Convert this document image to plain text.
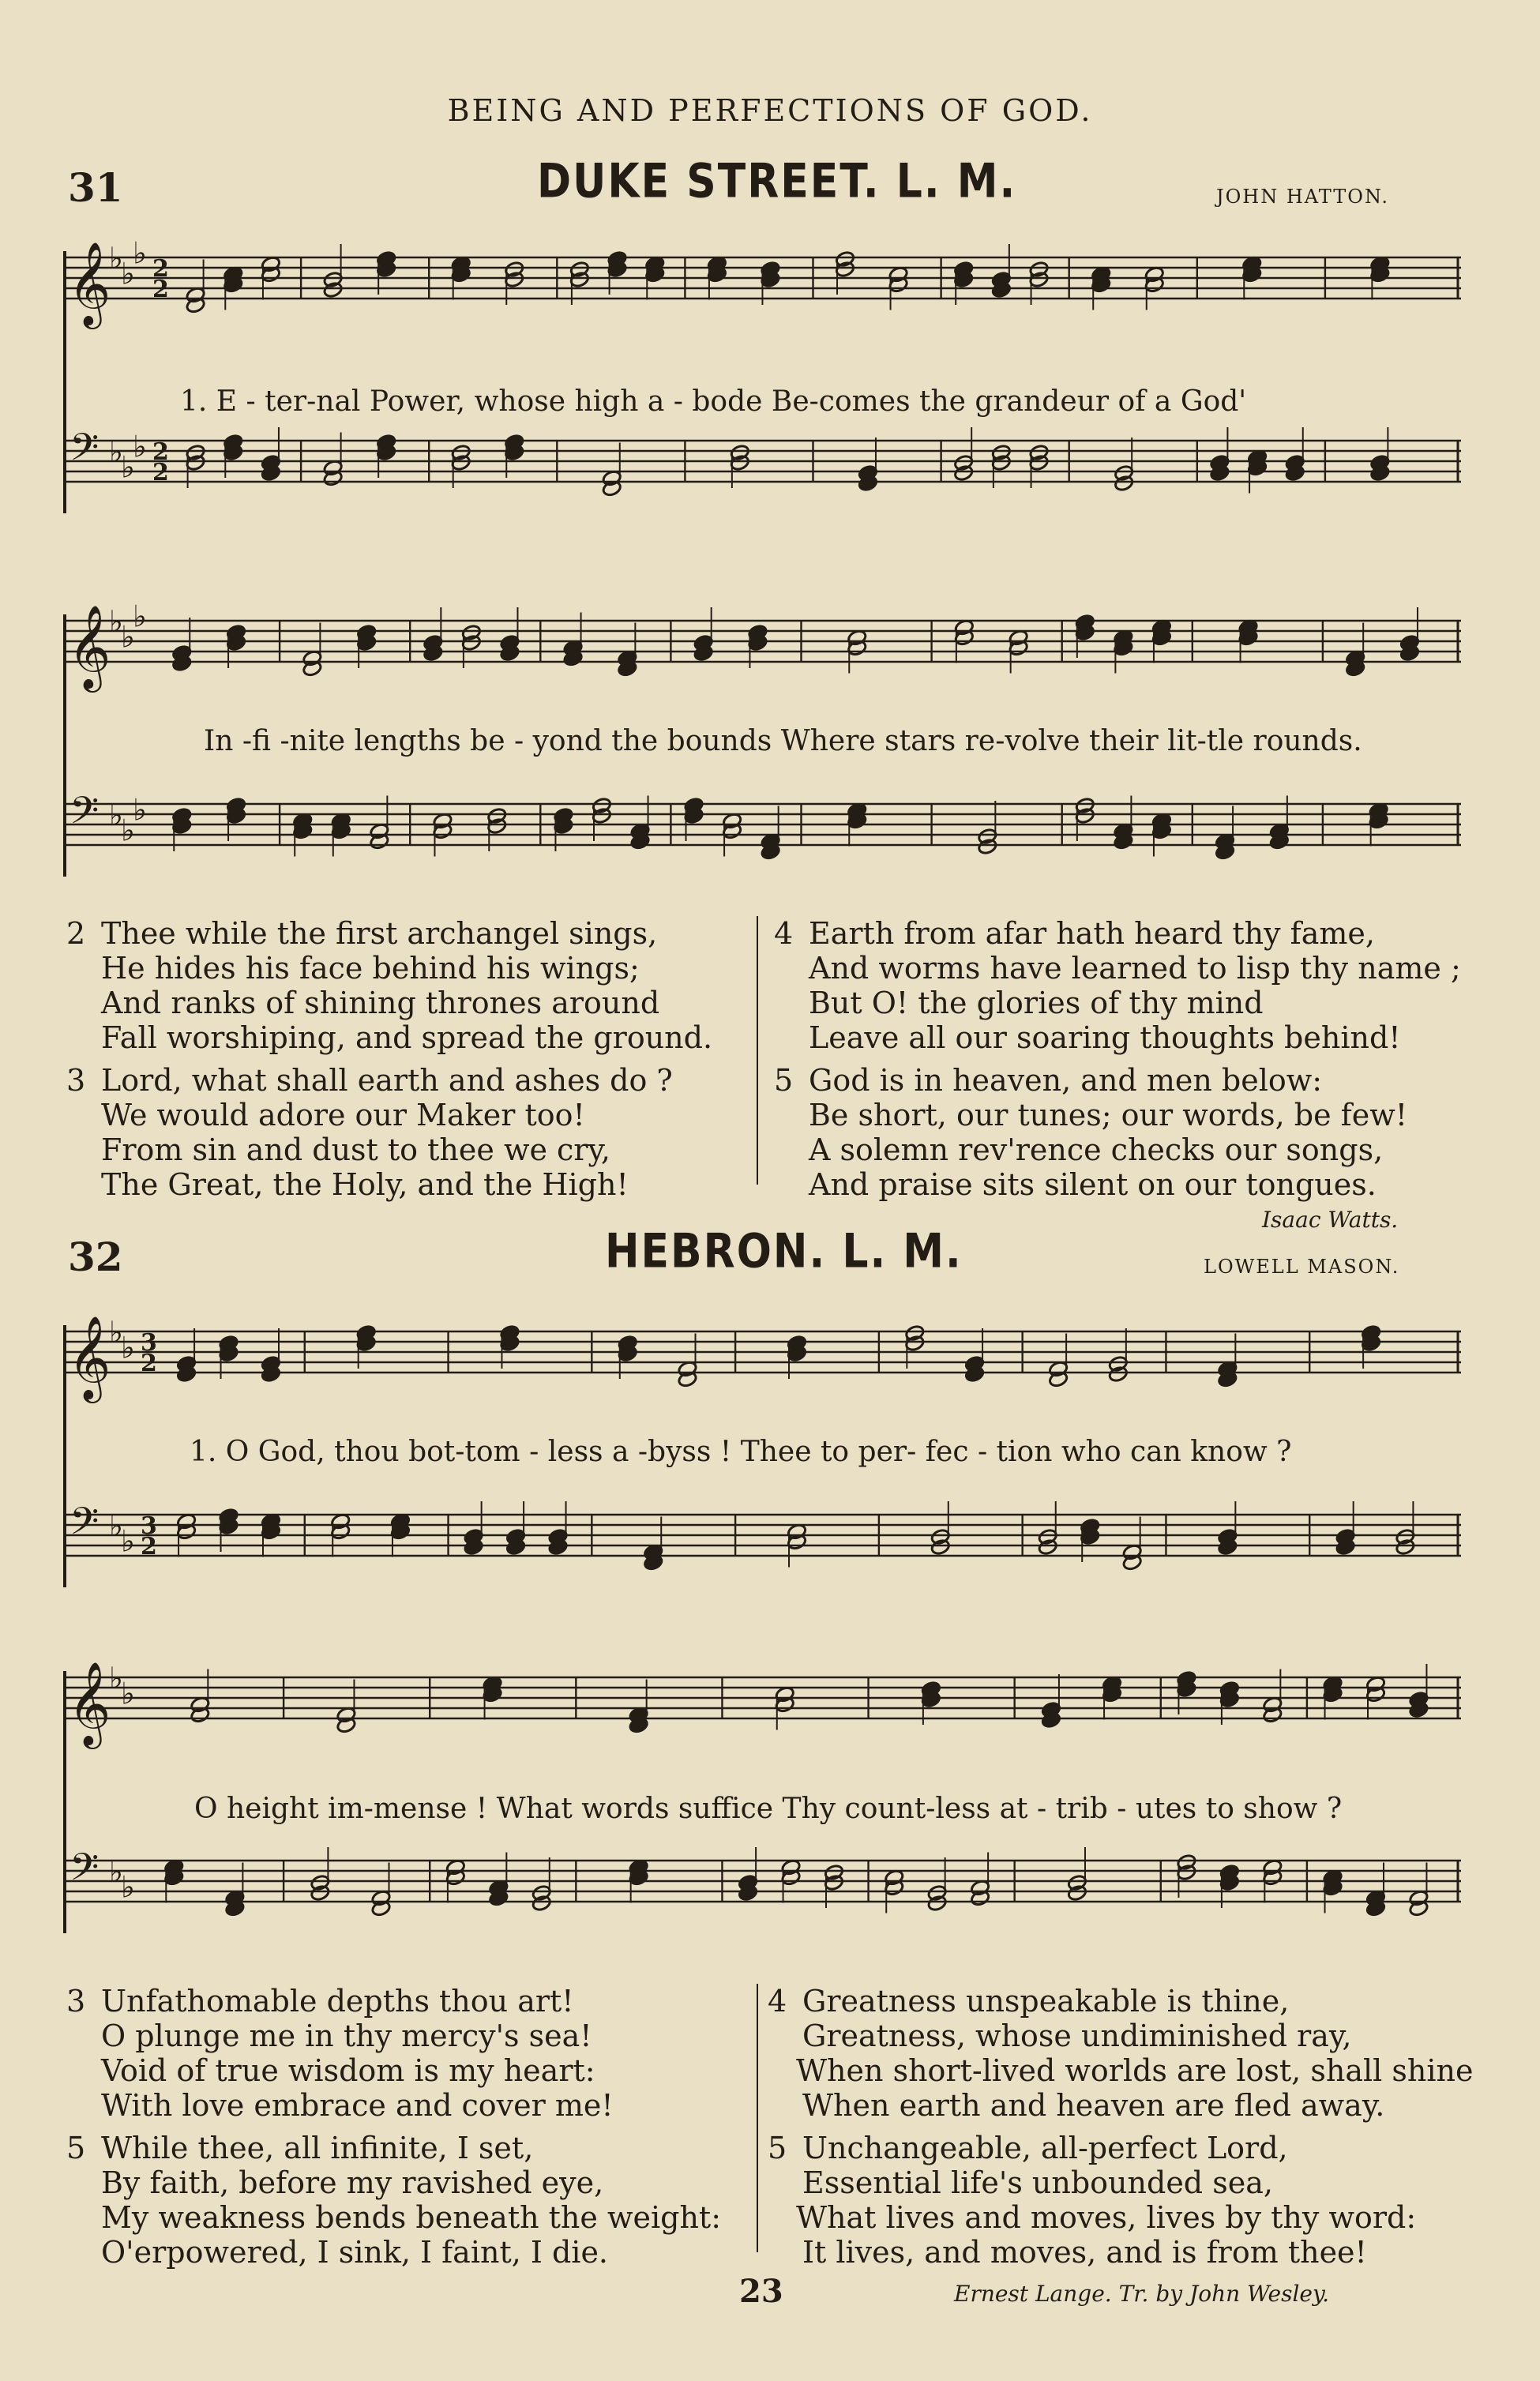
BEING AND PERFECTIONS OF GOD.
31	DUKE STREET. L. M.	JOHN HATTON.
𝄞
♭
♭
♭ 2
2
𝄢 ♭
♭
♭ 2
2
1. E - ter-nal Power, whose high a - bode Be-comes the grandeur of a God'
𝄞
♭
♭
♭
𝄢 ♭
♭
♭
In -fi -nite lengths be - yond the bounds Where stars re-volve their lit-tle rounds.
2 Thee while the first archangel sings,
He hides his face behind his wings;
And ranks of shining thrones around
Fall worshiping, and spread the ground.
3 Lord, what shall earth and ashes do ?
We would adore our Maker too!
From sin and dust to thee we cry,
The Great, the Holy, and the High!
4 Earth from afar hath heard thy fame,
And worms have learned to lisp thy name ;
But O! the glories of thy mind
Leave all our soaring thoughts behind!
5 God is in heaven, and men below:
Be short, our tunes; our words, be few!
A solemn rev'rence checks our songs,
And praise sits silent on our tongues.
Isaac Watts.
32	HEBRON. L. M.	LOWELL MASON.
𝄞
♭
♭ 3
2
𝄢 ♭
♭ 3
2
1. O God, thou bot-tom - less a -byss ! Thee to per- fec - tion who can know ?
𝄞
♭
♭
𝄢 ♭
♭
O height im-mense ! What words suffice Thy count-less at - trib - utes to show ?
3 Unfathomable depths thou art!
O plunge me in thy mercy's sea!
Void of true wisdom is my heart:
With love embrace and cover me!
5 While thee, all infinite, I set,
By faith, before my ravished eye,
My weakness bends beneath the weight:
O'erpowered, I sink, I faint, I die.
4 Greatness unspeakable is thine,
Greatness, whose undiminished ray,
When short-lived worlds are lost, shall shine
When earth and heaven are fled away.
5 Unchangeable, all-perfect Lord,
Essential life's unbounded sea,
What lives and moves, lives by thy word:
It lives, and moves, and is from thee!
23	Ernest Lange. Tr. by John Wesley.
